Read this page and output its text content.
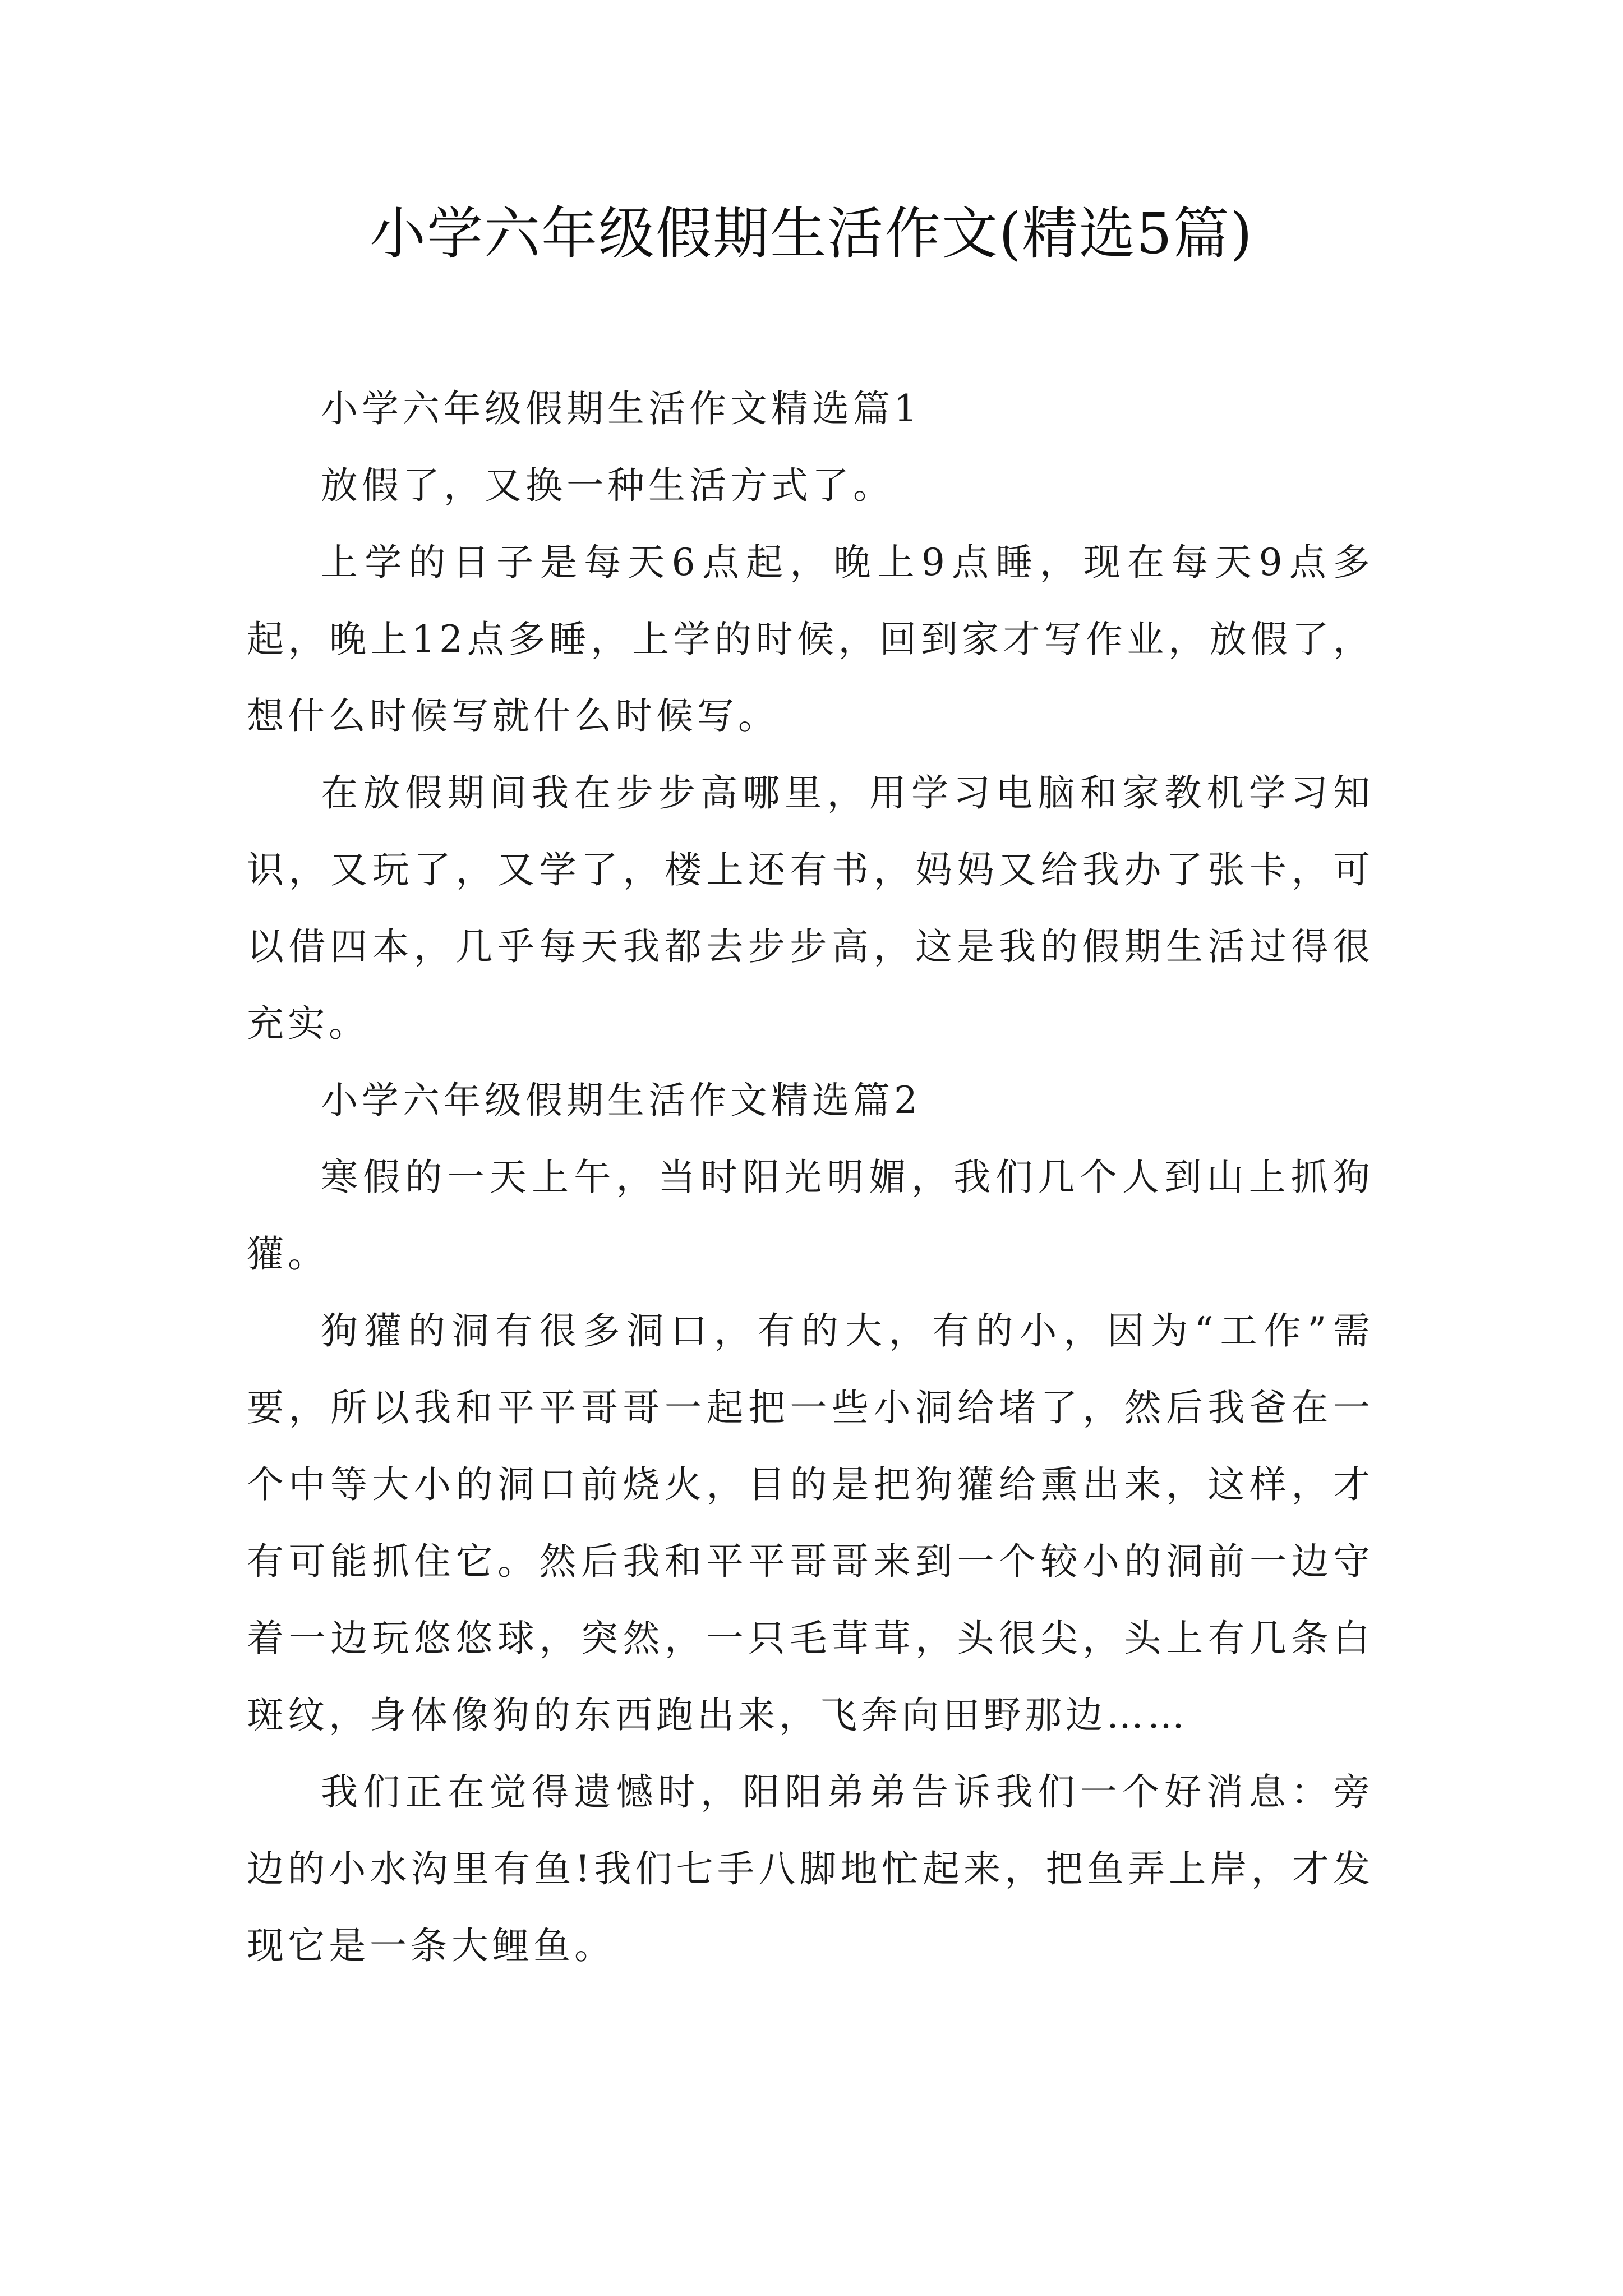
小学六年级假期生活作文(精选5篇)

小学六年级假期生活作文精选篇1

放假了，又换一种生活方式了。

上学的日子是每天6点起，晚上9点睡，现在每天9点多起，晚上12点多睡，上学的时候，回到家才写作业，放假了，想什么时候写就什么时候写。

在放假期间我在步步高哪里，用学习电脑和家教机学习知识，又玩了，又学了，楼上还有书，妈妈又给我办了张卡，可以借四本，几乎每天我都去步步高，这是我的假期生活过得很充实。

小学六年级假期生活作文精选篇2

寒假的一天上午，当时阳光明媚，我们几个人到山上抓狗獾。

狗獾的洞有很多洞口，有的大，有的小，因为“工作”需要，所以我和平平哥哥一起把一些小洞给堵了，然后我爸在一个中等大小的洞口前烧火，目的是把狗獾给熏出来，这样，才有可能抓住它。然后我和平平哥哥来到一个较小的洞前一边守着一边玩悠悠球，突然，一只毛茸茸，头很尖，头上有几条白斑纹，身体像狗的东西跑出来，飞奔向田野那边……

我们正在觉得遗憾时，阳阳弟弟告诉我们一个好消息：旁边的小水沟里有鱼!我们七手八脚地忙起来，把鱼弄上岸，才发现它是一条大鲤鱼。
